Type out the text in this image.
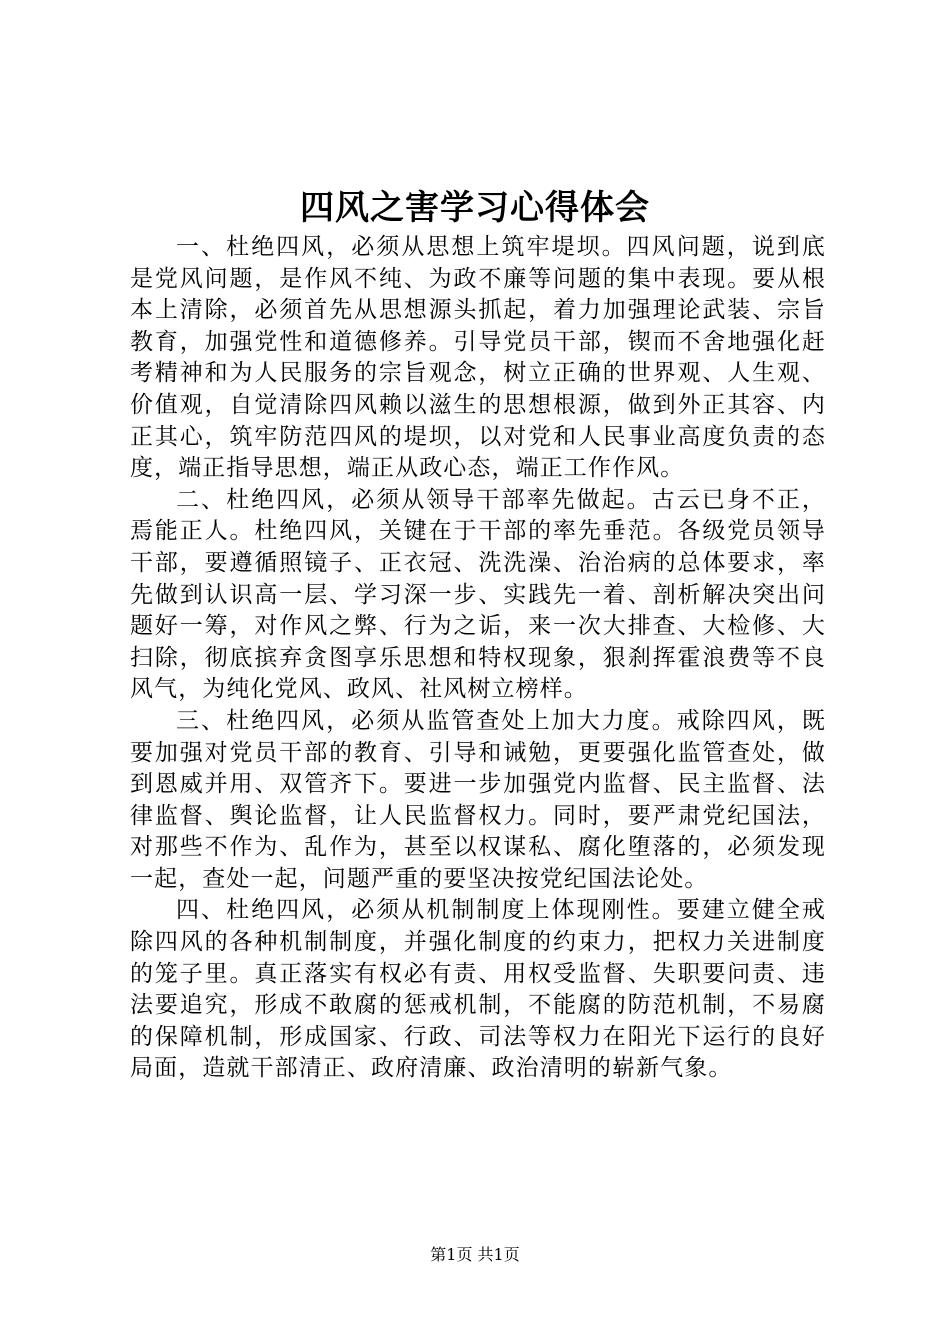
四风之害学习心得体会

一、杜绝四风，必须从思想上筑牢堤坝。四风问题，说到底是党风问题，是作风不纯、为政不廉等问题的集中表现。要从根本上清除，必须首先从思想源头抓起，着力加强理论武装、宗旨教育，加强党性和道德修养。引导党员干部，锲而不舍地强化赶考精神和为人民服务的宗旨观念，树立正确的世界观、人生观、价值观，自觉清除四风赖以滋生的思想根源，做到外正其容、内正其心，筑牢防范四风的堤坝，以对党和人民事业高度负责的态度，端正指导思想，端正从政心态，端正工作作风。

二、杜绝四风，必须从领导干部率先做起。古云已身不正，焉能正人。杜绝四风，关键在于干部的率先垂范。各级党员领导干部，要遵循照镜子、正衣冠、洗洗澡、治治病的总体要求，率先做到认识高一层、学习深一步、实践先一着、剖析解决突出问题好一筹，对作风之弊、行为之诟，来一次大排查、大检修、大扫除，彻底摈弃贪图享乐思想和特权现象，狠刹挥霍浪费等不良风气，为纯化党风、政风、社风树立榜样。

三、杜绝四风，必须从监管查处上加大力度。戒除四风，既要加强对党员干部的教育、引导和诫勉，更要强化监管查处，做到恩威并用、双管齐下。要进一步加强党内监督、民主监督、法律监督、舆论监督，让人民监督权力。同时，要严肃党纪国法，对那些不作为、乱作为，甚至以权谋私、腐化堕落的，必须发现一起，查处一起，问题严重的要坚决按党纪国法论处。

四、杜绝四风，必须从机制制度上体现刚性。要建立健全戒除四风的各种机制制度，并强化制度的约束力，把权力关进制度的笼子里。真正落实有权必有责、用权受监督、失职要问责、违法要追究，形成不敢腐的惩戒机制，不能腐的防范机制，不易腐的保障机制，形成国家、行政、司法等权力在阳光下运行的良好局面，造就干部清正、政府清廉、政治清明的崭新气象。

第1页 共1页
